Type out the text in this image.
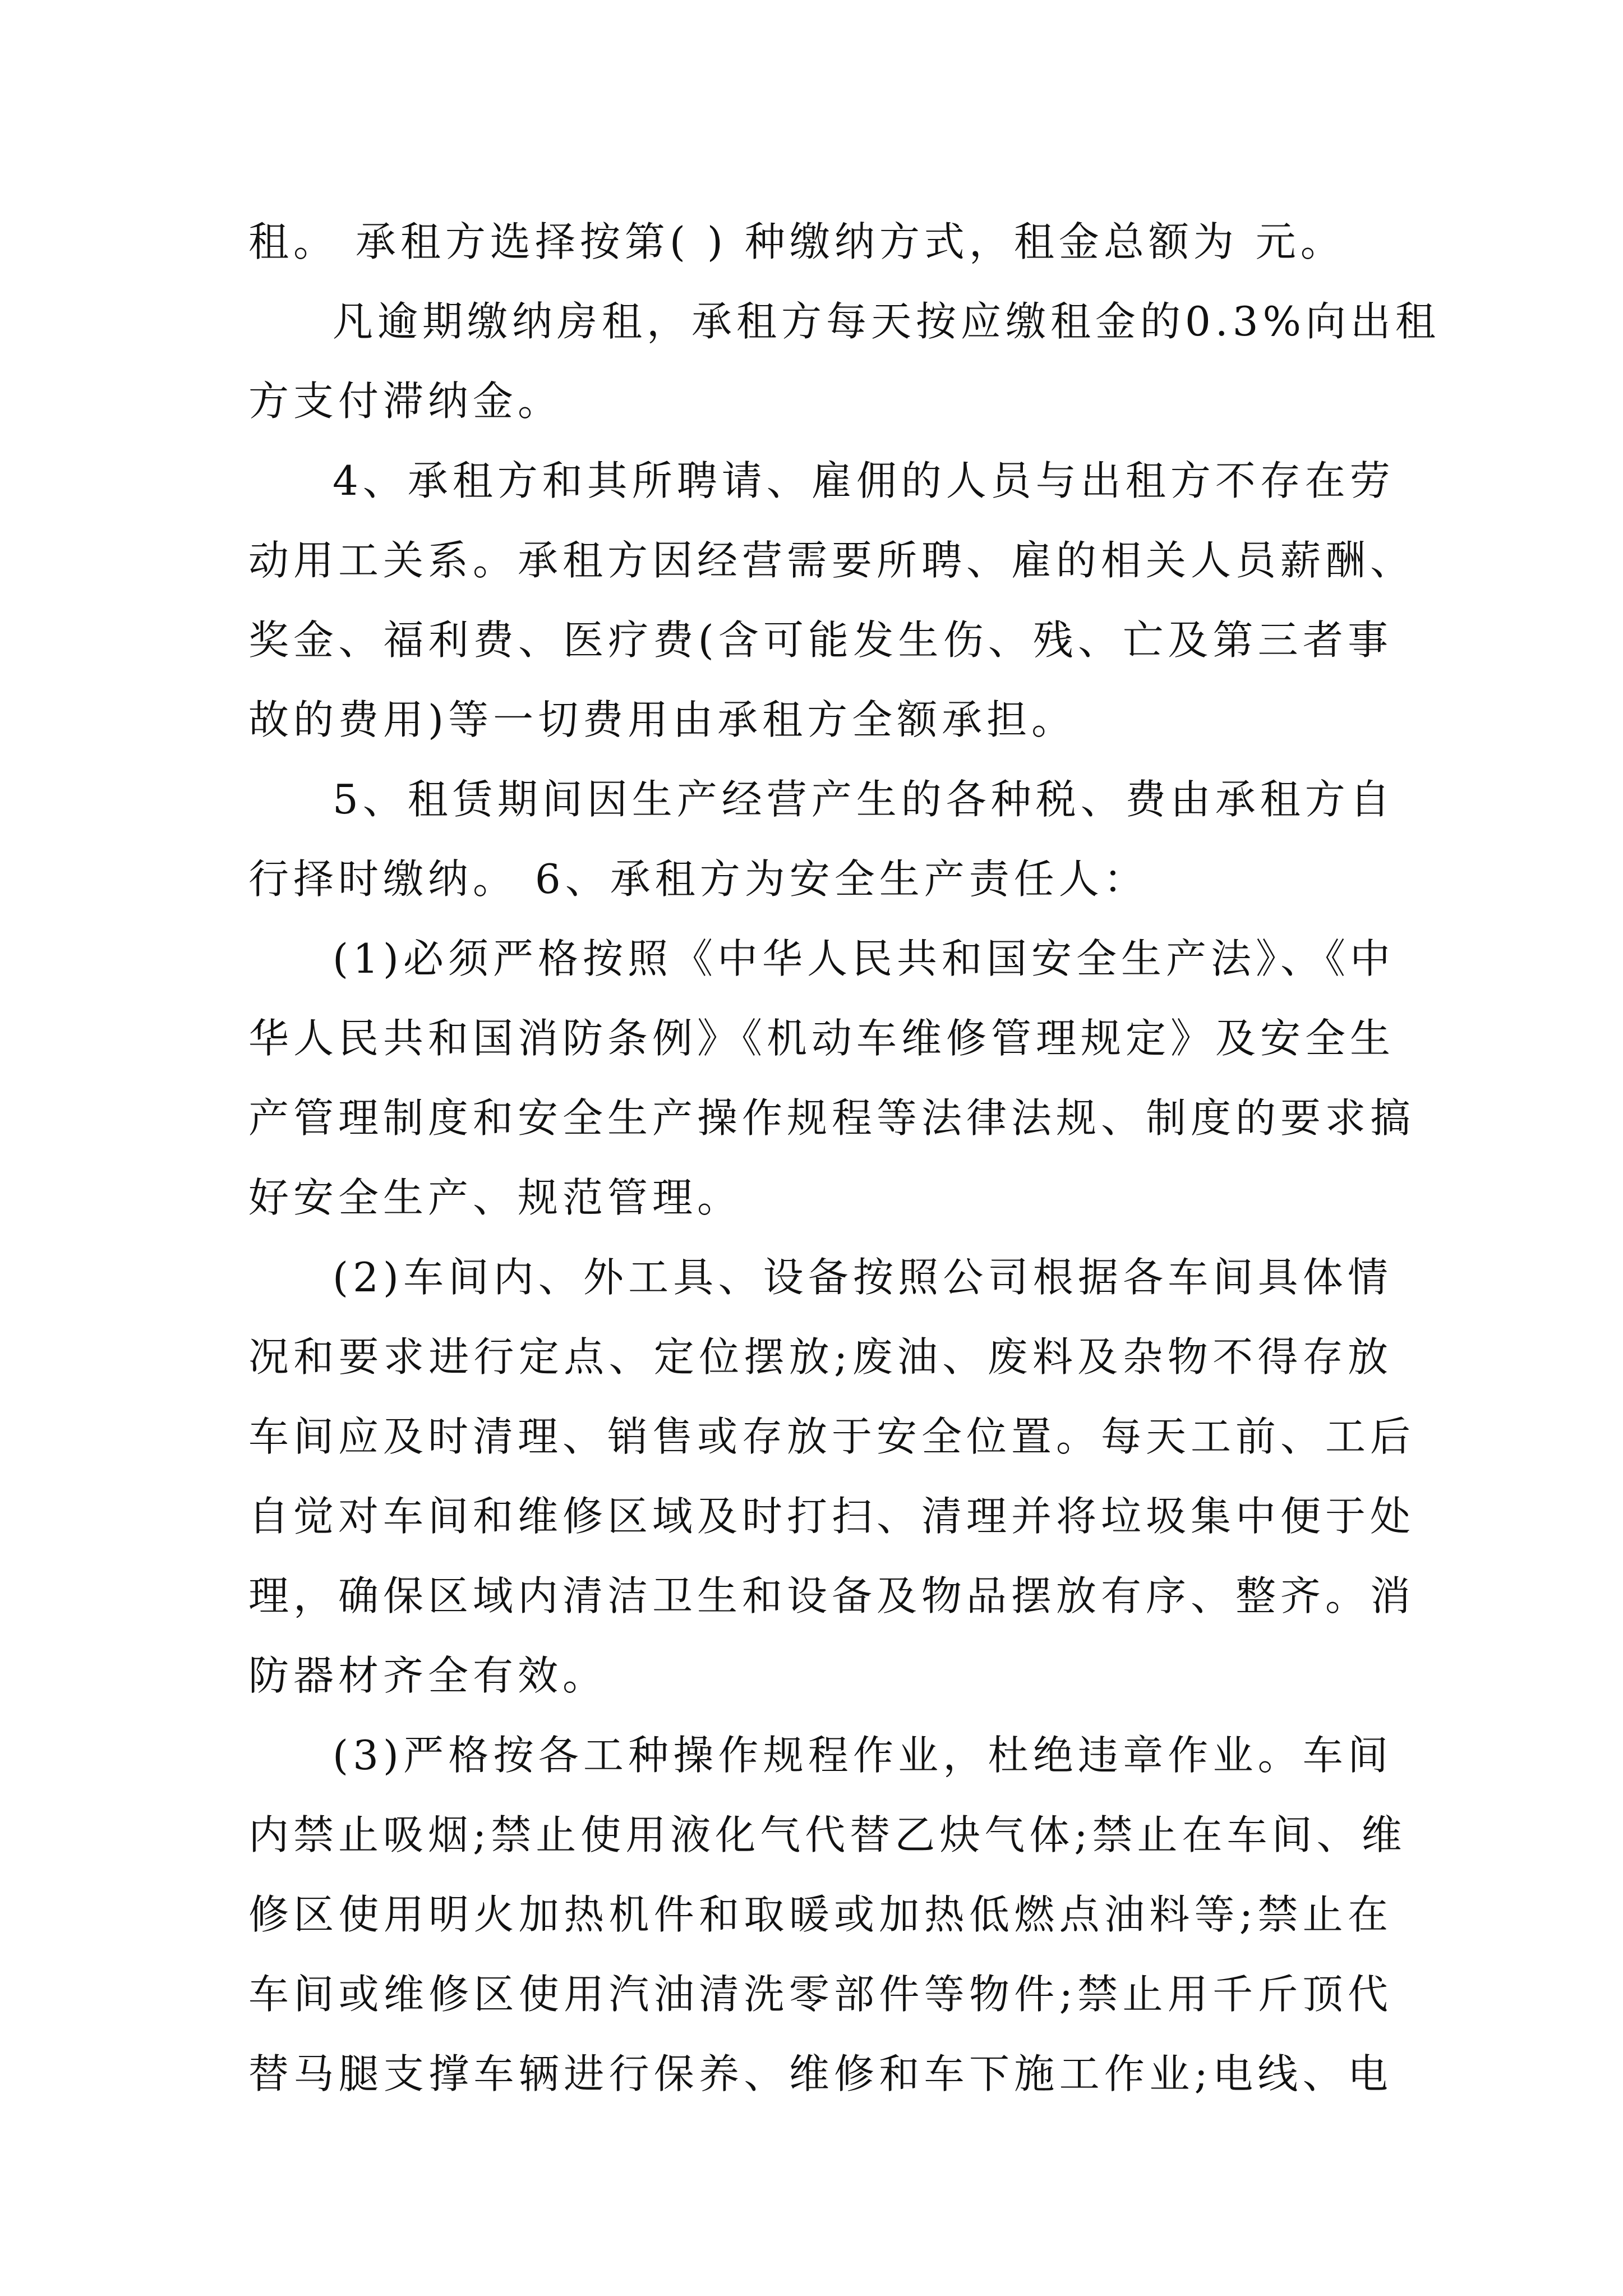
租。 承租方选择按第( ) 种缴纳方式，租金总额为 元。
凡逾期缴纳房租，承租方每天按应缴租金的0.3%向出租
方支付滞纳金。
4、承租方和其所聘请、雇佣的人员与出租方不存在劳
动用工关系。承租方因经营需要所聘、雇的相关人员薪酬、
奖金、福利费、医疗费(含可能发生伤、残、亡及第三者事
故的费用)等一切费用由承租方全额承担。
5、租赁期间因生产经营产生的各种税、费由承租方自
行择时缴纳。 6、承租方为安全生产责任人：
(1)必须严格按照《中华人民共和国安全生产法》、《中
华人民共和国消防条例》《机动车维修管理规定》及安全生
产管理制度和安全生产操作规程等法律法规、制度的要求搞
好安全生产、规范管理。
(2)车间内、外工具、设备按照公司根据各车间具体情
况和要求进行定点、定位摆放;废油、废料及杂物不得存放
车间应及时清理、销售或存放于安全位置。每天工前、工后
自觉对车间和维修区域及时打扫、清理并将垃圾集中便于处
理，确保区域内清洁卫生和设备及物品摆放有序、整齐。消
防器材齐全有效。
(3)严格按各工种操作规程作业，杜绝违章作业。车间
内禁止吸烟;禁止使用液化气代替乙炔气体;禁止在车间、维
修区使用明火加热机件和取暖或加热低燃点油料等;禁止在
车间或维修区使用汽油清洗零部件等物件;禁止用千斤顶代
替马腿支撑车辆进行保养、维修和车下施工作业;电线、电
